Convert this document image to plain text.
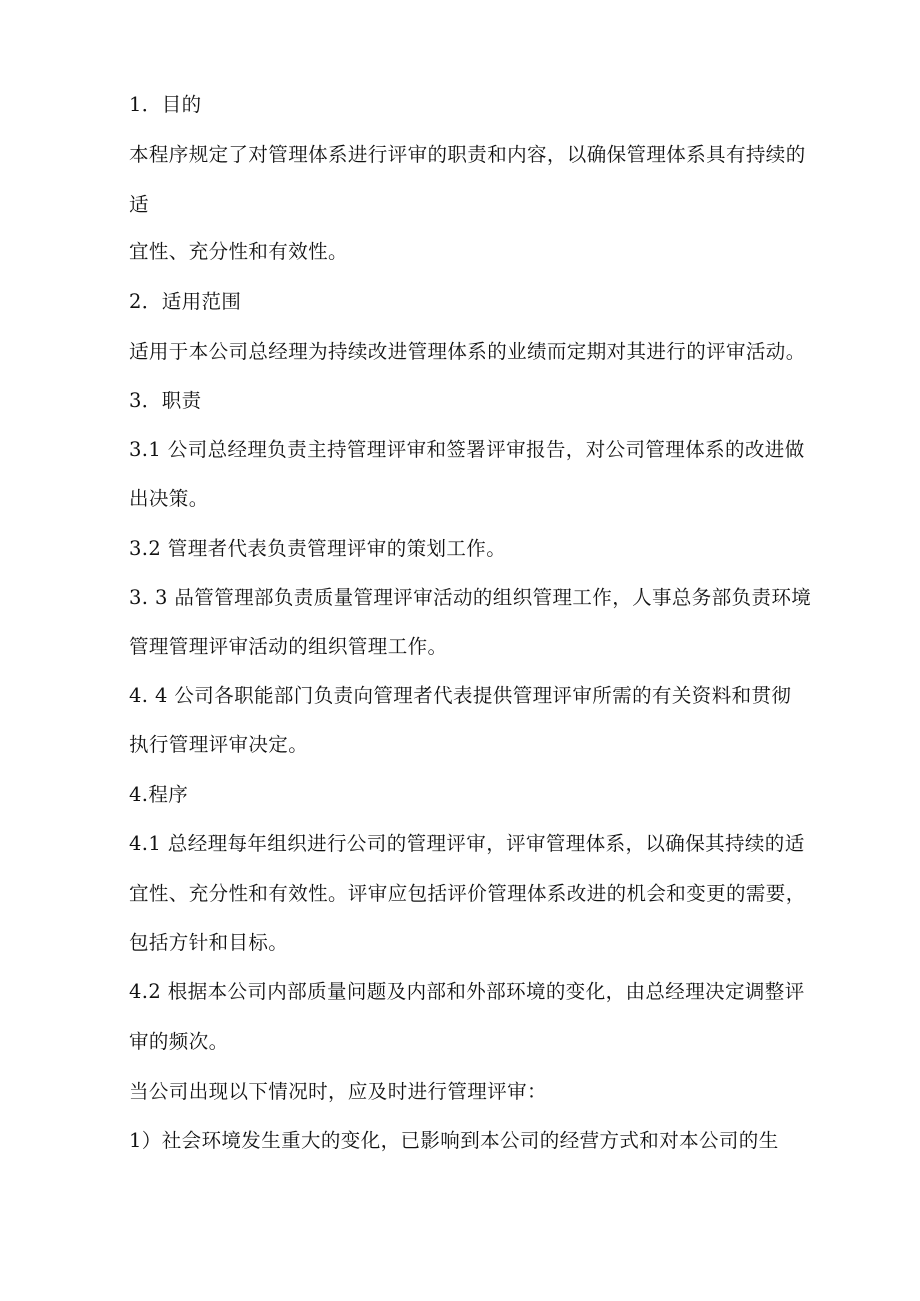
1．目的
本程序规定了对管理体系进行评审的职责和内容，以确保管理体系具有持续的
适
宜性、充分性和有效性。
2．适用范围
适用于本公司总经理为持续改进管理体系的业绩而定期对其进行的评审活动。
3．职责
3.1 公司总经理负责主持管理评审和签署评审报告，对公司管理体系的改进做
出决策。
3.2 管理者代表负责管理评审的策划工作。
3. 3 品管管理部负责质量管理评审活动的组织管理工作，人事总务部负责环境
管理管理评审活动的组织管理工作。
4. 4 公司各职能部门负责向管理者代表提供管理评审所需的有关资料和贯彻
执行管理评审决定。
4.程序
4.1 总经理每年组织进行公司的管理评审，评审管理体系，以确保其持续的适
宜性、充分性和有效性。评审应包括评价管理体系改进的机会和变更的需要，
包括方针和目标。
4.2 根据本公司内部质量问题及内部和外部环境的变化，由总经理决定调整评
审的频次。
当公司出现以下情况时，应及时进行管理评审：
1）社会环境发生重大的变化，已影响到本公司的经营方式和对本公司的生
